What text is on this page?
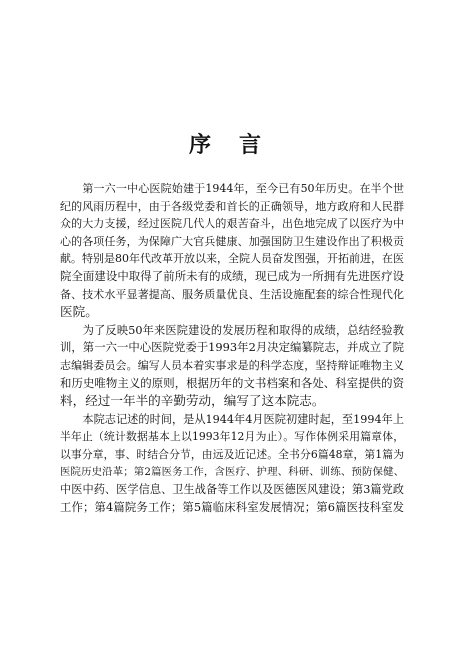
序言
　　第一六一中心医院始建于1944年，至今已有50年历史。在半个世
纪的风雨历程中，由于各级党委和首长的正确领导，地方政府和人民群
众的大力支援，经过医院几代人的艰苦奋斗，出色地完成了以医疗为中
心的各项任务，为保障广大官兵健康、加强国防卫生建设作出了积极贡
献。特别是80年代改革开放以来，全院人员奋发图强，开拓前进，在医
院全面建设中取得了前所未有的成绩，现已成为一所拥有先进医疗设
备、技术水平显著提高、服务质量优良、生活设施配套的综合性现代化
医院。
　　为了反映50年来医院建设的发展历程和取得的成绩，总结经验教
训，第一六一中心医院党委于1993年2月决定编纂院志，并成立了院
志编辑委员会。编写人员本着实事求是的科学态度，坚持辩证唯物主义
和历史唯物主义的原则，根据历年的文书档案和各处、科室提供的资
料，经过一年半的辛勤劳动，编写了这本院志。
　　本院志记述的时间，是从1944年4月医院初建时起，至1994年上
半年止（统计数据基本上以1993年12月为止）。写作体例采用篇章体，
以事分章，事、时结合分节，由远及近记述。全书分6篇48章，第1篇为
医院历史沿革；第2篇医务工作，含医疗、护理、科研、训练、预防保健、
中医中药、医学信息、卫生战备等工作以及医德医风建设；第3篇党政
工作；第4篇院务工作；第5篇临床科室发展情况；第6篇医技科室发
